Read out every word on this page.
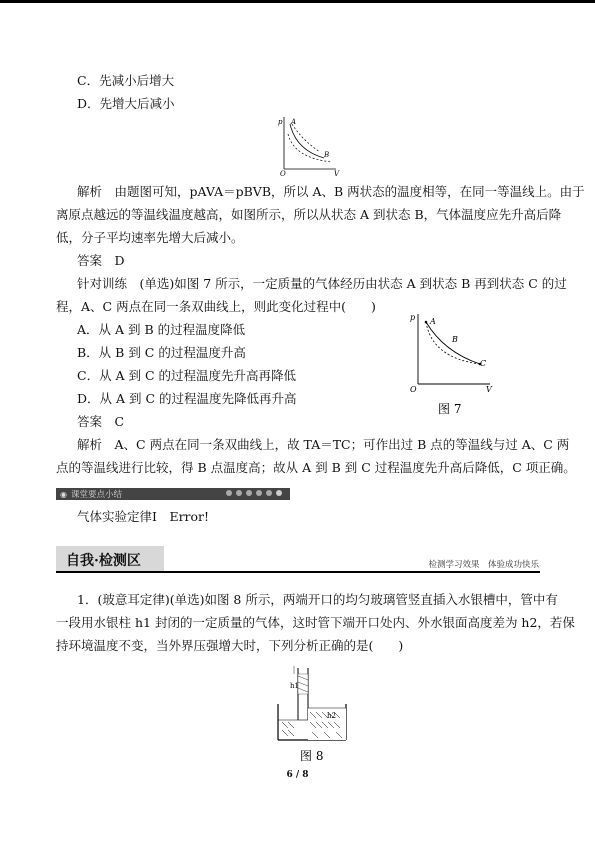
C．先减小后增大
D．先增大后减小
p A
B
O	V
解析　由题图可知，pAVA＝pBVB，所以 A、B 两状态的温度相等，在同一等温线上。由于
离原点越远的等温线温度越高，如图所示，所以从状态 A 到状态 B，气体温度应先升高后降
低，分子平均速率先增大后减小。
答案　D
针对训练　(单选)如图 7 所示，一定质量的气体经历由状态 A 到状态 B 再到状态 C 的过
程，A、C 两点在同一条双曲线上，则此变化过程中(　　)
A．从 A 到 B 的过程温度降低
B．从 B 到 C 的过程温度升高
C．从 A 到 C 的过程温度先升高再降低
D．从 A 到 C 的过程温度先降低再升高
p A
B
C
O	V
图 7
答案　C
解析　A、C 两点在同一条双曲线上，故 TA＝TC；可作出过 B 点的等温线与过 A、C 两
点的等温线进行比较，得 B 点温度高；故从 A 到 B 到 C 过程温度先升高后降低，C 项正确。
◉ 课堂要点小结
气体实验定律Ⅰ　Error!
自我·检测区	检测学习效果　体验成功快乐
1．(玻意耳定律)(单选)如图 8 所示，两端开口的均匀玻璃管竖直插入水银槽中，管中有
一段用水银柱 h1 封闭的一定质量的气体，这时管下端开口处内、外水银面高度差为 h2，若保
持环境温度不变，当外界压强增大时，下列分析正确的是(　　)
h1
h2
图 8
6 / 8
